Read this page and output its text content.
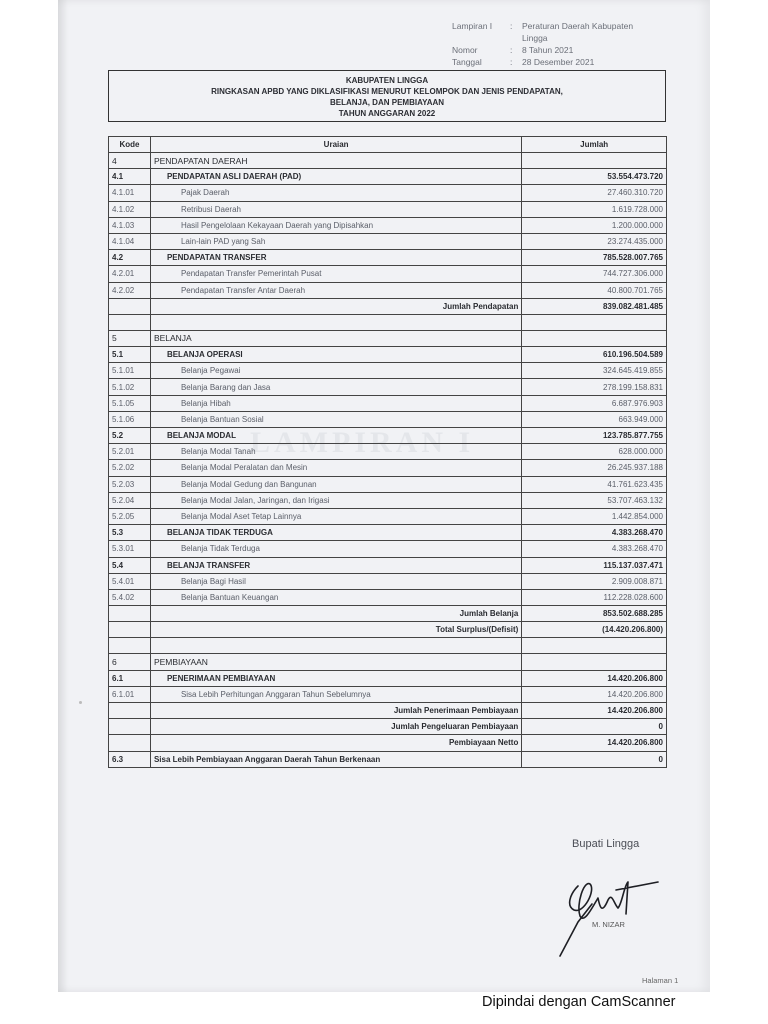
Lampiran I	:	Peraturan Daerah Kabupaten
Lingga
Nomor	:	8 Tahun 2021
Tanggal	:	28 Desember 2021
KABUPATEN LINGGA
RINGKASAN APBD YANG DIKLASIFIKASI MENURUT KELOMPOK DAN JENIS PENDAPATAN,
BELANJA, DAN PEMBIAYAAN
TAHUN ANGGARAN 2022
LAMPIRAN I
Kode	Uraian	Jumlah
4	PENDAPATAN DAERAH	
4.1	PENDAPATAN ASLI DAERAH (PAD)	53.554.473.720
4.1.01	Pajak Daerah	27.460.310.720
4.1.02	Retribusi Daerah	1.619.728.000
4.1.03	Hasil Pengelolaan Kekayaan Daerah yang Dipisahkan	1.200.000.000
4.1.04	Lain-lain PAD yang Sah	23.274.435.000
4.2	PENDAPATAN TRANSFER	785.528.007.765
4.2.01	Pendapatan Transfer Pemerintah Pusat	744.727.306.000
4.2.02	Pendapatan Transfer Antar Daerah	40.800.701.765
	Jumlah Pendapatan	839.082.481.485

5	BELANJA	
5.1	BELANJA OPERASI	610.196.504.589
5.1.01	Belanja Pegawai	324.645.419.855
5.1.02	Belanja Barang dan Jasa	278.199.158.831
5.1.05	Belanja Hibah	6.687.976.903
5.1.06	Belanja Bantuan Sosial	663.949.000
5.2	BELANJA MODAL	123.785.877.755
5.2.01	Belanja Modal Tanah	628.000.000
5.2.02	Belanja Modal Peralatan dan Mesin	26.245.937.188
5.2.03	Belanja Modal Gedung dan Bangunan	41.761.623.435
5.2.04	Belanja Modal Jalan, Jaringan, dan Irigasi	53.707.463.132
5.2.05	Belanja Modal Aset Tetap Lainnya	1.442.854.000
5.3	BELANJA TIDAK TERDUGA	4.383.268.470
5.3.01	Belanja Tidak Terduga	4.383.268.470
5.4	BELANJA TRANSFER	115.137.037.471
5.4.01	Belanja Bagi Hasil	2.909.008.871
5.4.02	Belanja Bantuan Keuangan	112.228.028.600
	Jumlah Belanja	853.502.688.285
	Total Surplus/(Defisit)	(14.420.206.800)

6	PEMBIAYAAN	
6.1	PENERIMAAN PEMBIAYAAN	14.420.206.800
6.1.01	Sisa Lebih Perhitungan Anggaran Tahun Sebelumnya	14.420.206.800
	Jumlah Penerimaan Pembiayaan	14.420.206.800
	Jumlah Pengeluaran Pembiayaan	0
	Pembiayaan Netto	14.420.206.800
6.3	Sisa Lebih Pembiayaan Anggaran Daerah Tahun Berkenaan	0
Bupati Lingga
M. NIZAR
Halaman 1
Dipindai dengan CamScanner
